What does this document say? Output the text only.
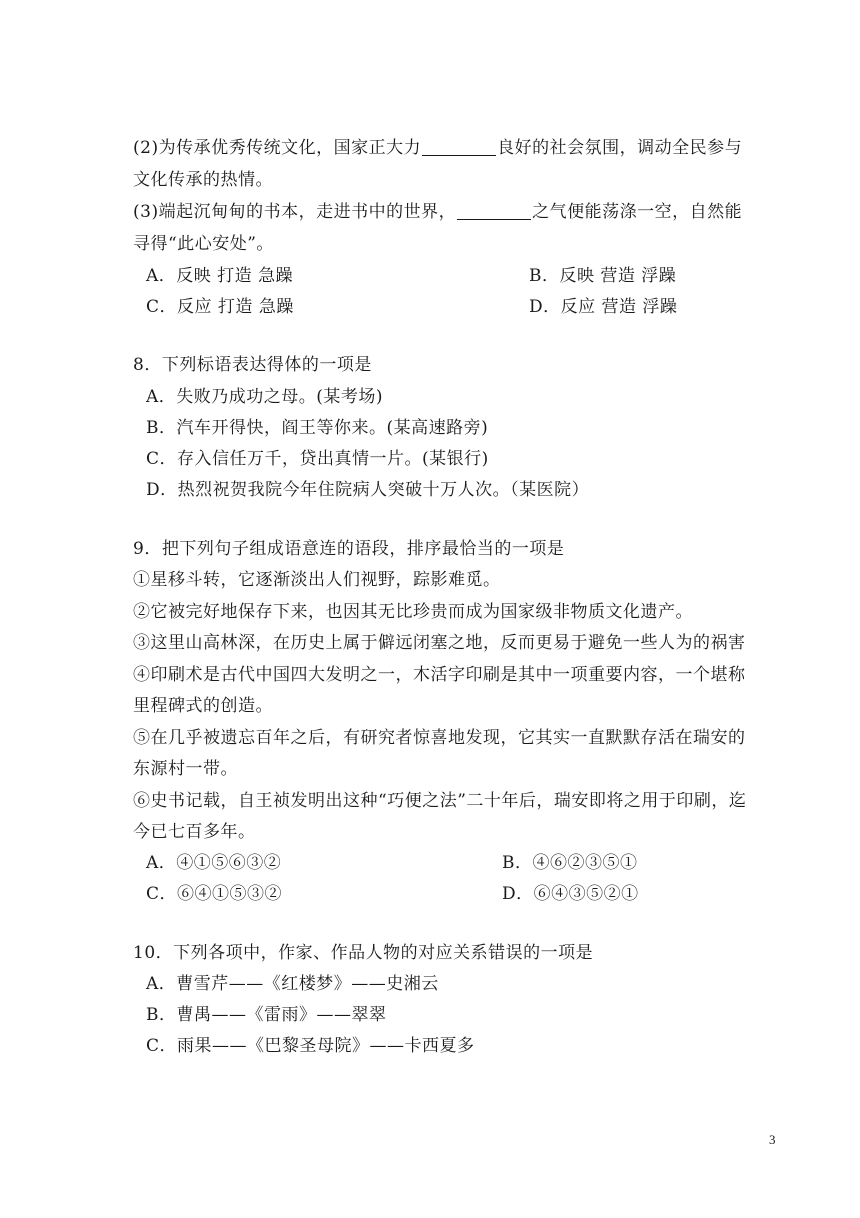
(2)为传承优秀传统文化，国家正大力	良好的社会氛围，调动全民参与
文化传承的热情。
(3)端起沉甸甸的书本，走进书中的世界，	之气便能荡涤一空，自然能
寻得“此心安处”。
A．反映 打造 急躁	B．反映 营造 浮躁
C．反应 打造 急躁	D．反应 营造 浮躁
8．下列标语表达得体的一项是
A．失败乃成功之母。(某考场)
B．汽车开得快，阎王等你来。(某高速路旁)
C．存入信任万千，贷出真情一片。(某银行)
D．热烈祝贺我院今年住院病人突破十万人次。（某医院）
9．把下列句子组成语意连的语段，排序最恰当的一项是
①星移斗转，它逐渐淡出人们视野，踪影难觅。
②它被完好地保存下来，也因其无比珍贵而成为国家级非物质文化遗产。
③这里山高林深，在历史上属于僻远闭塞之地，反而更易于避免一些人为的祸害
④印刷术是古代中国四大发明之一，木活字印刷是其中一项重要内容，一个堪称
里程碑式的创造。
⑤在几乎被遗忘百年之后，有研究者惊喜地发现，它其实一直默默存活在瑞安的
东源村一带。
⑥史书记载，自王祯发明出这种“巧便之法”二十年后，瑞安即将之用于印刷，迄
今已七百多年。
A．④①⑤⑥③②	B．④⑥②③⑤①
C．⑥④①⑤③②	D．⑥④③⑤②①
10．下列各项中，作家、作品人物的对应关系错误的一项是
A．曹雪芹——《红楼梦》——史湘云
B．曹禺——《雷雨》——翠翠
C．雨果——《巴黎圣母院》——卡西夏多
3
